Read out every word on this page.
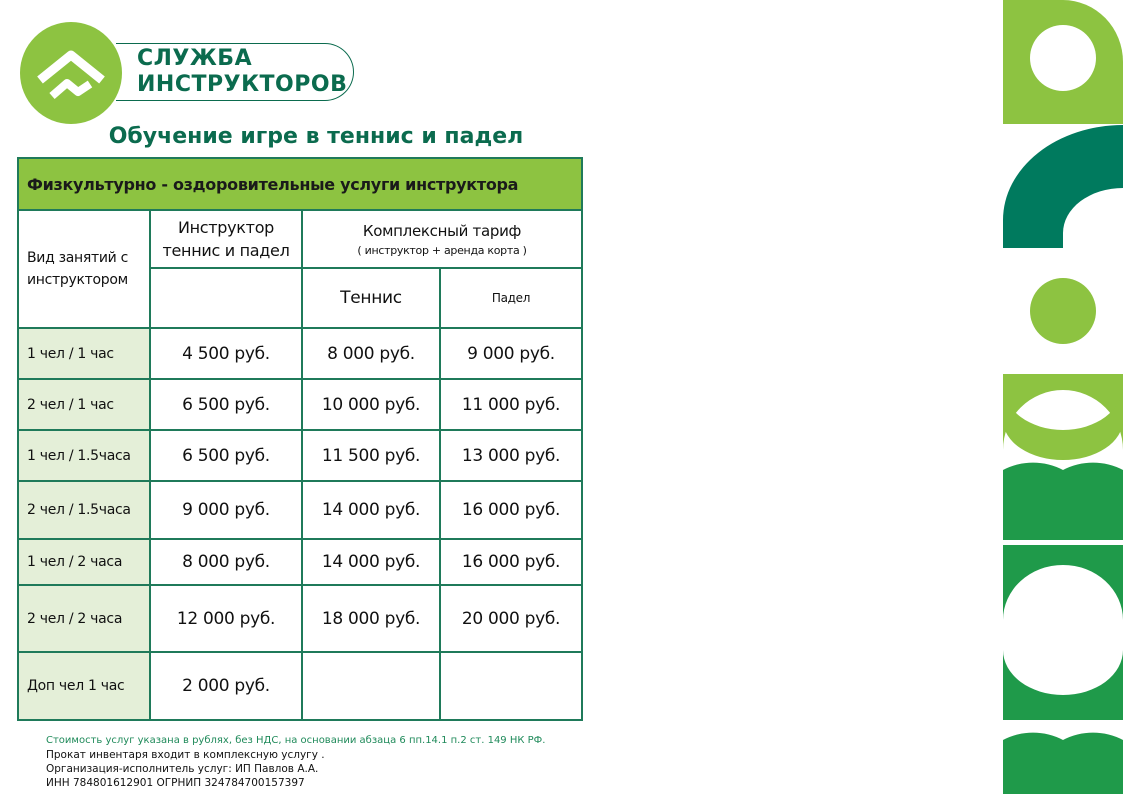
СЛУЖБА
ИНСТРУКТОРОВ
Обучение игре в теннис и падел
Физкультурно - оздоровительные услуги инструктора
Вид занятий с инструктором
Инструктор
теннис и падел
Комплексный тариф
( инструктор + аренда корта )
Теннис	Падел
1 чел / 1 час	4 500 руб.	8 000 руб.	9 000 руб.
2 чел / 1 час	6 500 руб.	10 000 руб.	11 000 руб.
1 чел / 1.5часа	6 500 руб.	11 500 руб.	13 000 руб.
2 чел / 1.5часа	9 000 руб.	14 000 руб.	16 000 руб.
1 чел / 2 часа	8 000 руб.	14 000 руб.	16 000 руб.
2 чел / 2 часа	12 000 руб.	18 000 руб.	20 000 руб.
Доп чел 1 час	2 000 руб.
Стоимость услуг указана в рублях, без НДС, на основании абзаца 6 пп.14.1 п.2 ст. 149 НК РФ.
Прокат инвентаря входит в комплексную услугу .
Организация-исполнитель услуг: ИП Павлов А.А.
ИНН 784801612901 ОГРНИП 324784700157397
